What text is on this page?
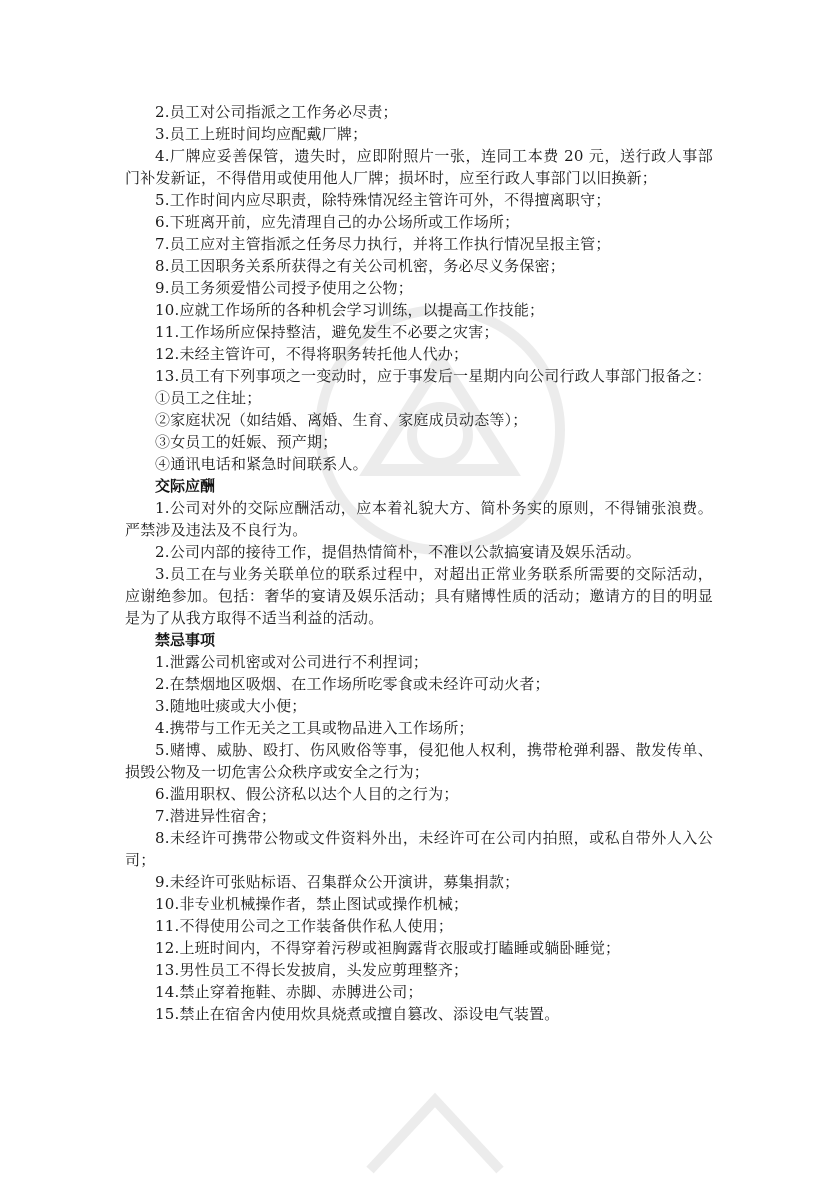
2.员工对公司指派之工作务必尽责；

3.员工上班时间均应配戴厂牌；

4.厂牌应妥善保管，遗失时，应即附照片一张，连同工本费 20 元，送行政人事部门补发新证，不得借用或使用他人厂牌；损坏时，应至行政人事部门以旧换新；

5.工作时间内应尽职责，除特殊情况经主管许可外，不得擅离职守；

6.下班离开前，应先清理自己的办公场所或工作场所；

7.员工应对主管指派之任务尽力执行，并将工作执行情况呈报主管；

8.员工因职务关系所获得之有关公司机密，务必尽义务保密；

9.员工务须爱惜公司授予使用之公物；

10.应就工作场所的各种机会学习训练，以提高工作技能；

11.工作场所应保持整洁，避免发生不必要之灾害；

12.未经主管许可，不得将职务转托他人代办；

13.员工有下列事项之一变动时，应于事发后一星期内向公司行政人事部门报备之：

①员工之住址；

②家庭状况（如结婚、离婚、生育、家庭成员动态等）；

③女员工的妊娠、预产期；

④通讯电话和紧急时间联系人。

交际应酬

1.公司对外的交际应酬活动，应本着礼貌大方、简朴务实的原则，不得铺张浪费。严禁涉及违法及不良行为。

2.公司内部的接待工作，提倡热情简朴，不准以公款搞宴请及娱乐活动。

3.员工在与业务关联单位的联系过程中，对超出正常业务联系所需要的交际活动，应谢绝参加。包括：奢华的宴请及娱乐活动；具有赌博性质的活动；邀请方的目的明显是为了从我方取得不适当利益的活动。

禁忌事项

1.泄露公司机密或对公司进行不利捏词；

2.在禁烟地区吸烟、在工作场所吃零食或未经许可动火者；

3.随地吐痰或大小便；

4.携带与工作无关之工具或物品进入工作场所；

5.赌博、威胁、殴打、伤风败俗等事，侵犯他人权利，携带枪弹利器、散发传单、损毁公物及一切危害公众秩序或安全之行为；

6.滥用职权、假公济私以达个人目的之行为；

7.潜进异性宿舍；

8.未经许可携带公物或文件资料外出，未经许可在公司内拍照，或私自带外人入公司；

9.未经许可张贴标语、召集群众公开演讲，募集捐款；

10.非专业机械操作者，禁止图试或操作机械；

11.不得使用公司之工作装备供作私人使用；

12.上班时间内，不得穿着污秽或袒胸露背衣服或打瞌睡或躺卧睡觉；

13.男性员工不得长发披肩，头发应剪理整齐；

14.禁止穿着拖鞋、赤脚、赤膊进公司；

15.禁止在宿舍内使用炊具烧煮或擅自篡改、添设电气装置。
